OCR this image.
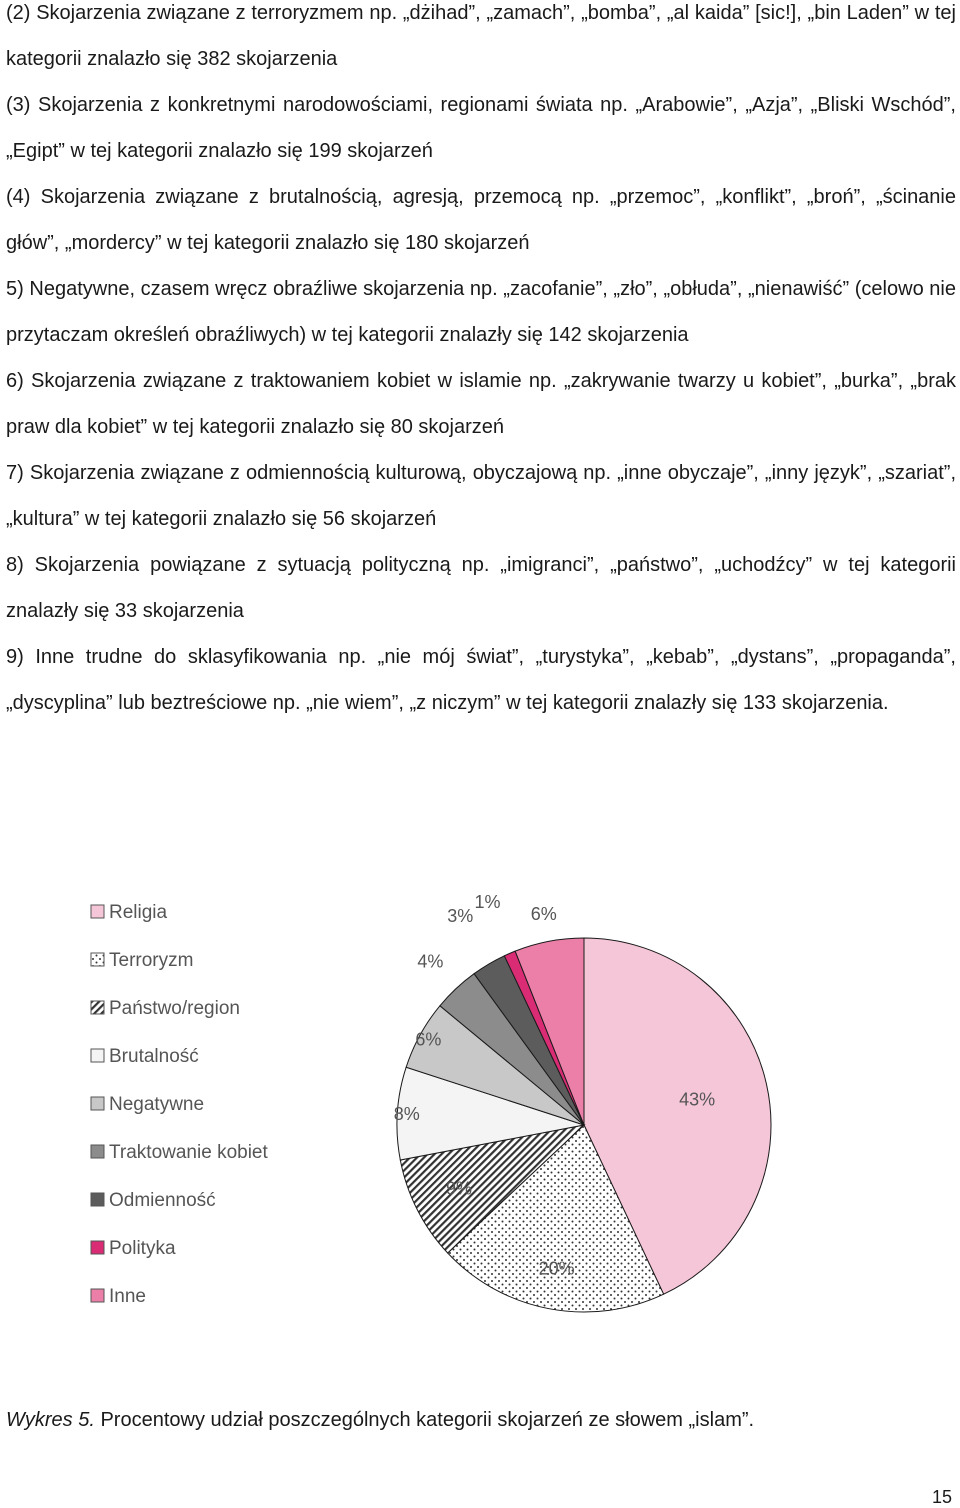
(2) Skojarzenia związane z terroryzmem np. „dżihad”, „zamach”, „bomba”, „al kaida” [sic!], „bin Laden” w tej kategorii znalazło się 382 skojarzenia

(3) Skojarzenia z konkretnymi narodowościami, regionami świata np. „Arabowie”, „Azja”, „Bliski Wschód”, „Egipt” w tej kategorii znalazło się 199 skojarzeń

(4) Skojarzenia związane z brutalnością, agresją, przemocą np. „przemoc”, „konflikt”, „broń”, „ścinanie głów”, „mordercy” w tej kategorii znalazło się 180 skojarzeń

5) Negatywne, czasem wręcz obraźliwe skojarzenia np. „zacofanie”, „zło”, „obłuda”, „nienawiść” (celowo nie przytaczam określeń obraźliwych) w tej kategorii znalazły się 142 skojarzenia

6) Skojarzenia związane z traktowaniem kobiet w islamie np. „zakrywanie twarzy u kobiet”, „burka”, „brak praw dla kobiet” w tej kategorii znalazło się 80 skojarzeń

7) Skojarzenia związane z odmiennością kulturową, obyczajową np. „inne obyczaje”, „inny język”, „szariat”, „kultura” w tej kategorii znalazło się 56 skojarzeń

8) Skojarzenia powiązane z sytuacją polityczną np. „imigranci”, „państwo”, „uchodźcy” w tej kategorii znalazły się 33 skojarzenia

9) Inne trudne do sklasyfikowania np. „nie mój świat”, „turystyka”, „kebab”, „dystans”, „propaganda”, „dyscyplina” lub beztreściowe np. „nie wiem”, „z niczym” w tej kategorii znalazły się 133 skojarzenia.

43%
20%
9%
8%
6%
4%
3%
1%
6%
Religia
Terroryzm
Państwo/region
Brutalność
Negatywne
Traktowanie kobiet
Odmienność
Polityka
Inne

Wykres 5. Procentowy udział poszczególnych kategorii skojarzeń ze słowem „islam”.

15
